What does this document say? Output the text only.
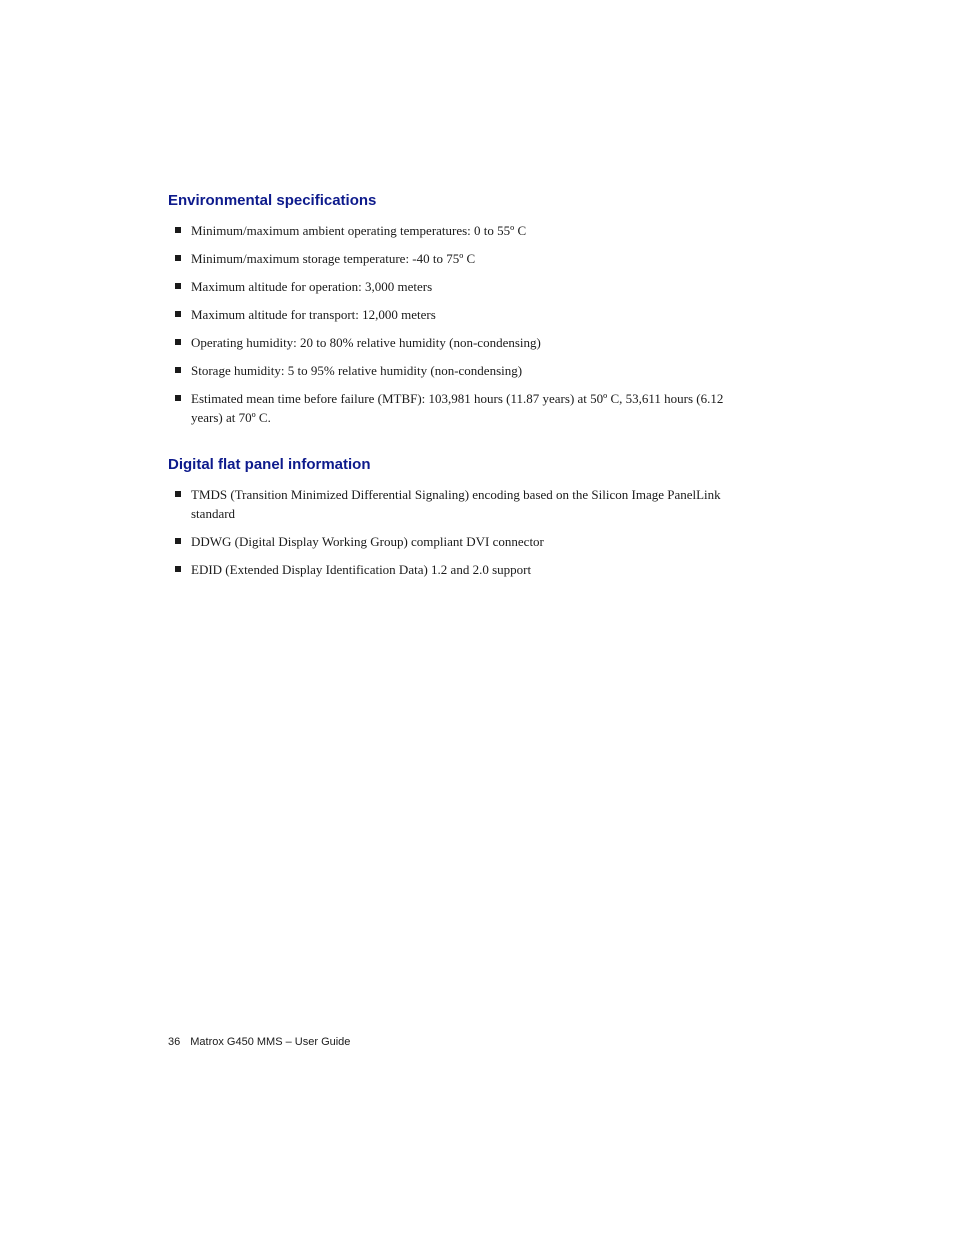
Environmental specifications
Minimum/maximum ambient operating temperatures: 0 to 55º C
Minimum/maximum storage temperature: -40 to 75º C
Maximum altitude for operation: 3,000 meters
Maximum altitude for transport: 12,000 meters
Operating humidity: 20 to 80% relative humidity (non-condensing)
Storage humidity: 5 to 95% relative humidity (non-condensing)
Estimated mean time before failure (MTBF): 103,981 hours (11.87 years) at 50º C, 53,611 hours (6.12 years) at 70º C.
Digital flat panel information
TMDS (Transition Minimized Differential Signaling) encoding based on the Silicon Image PanelLink standard
DDWG (Digital Display Working Group) compliant DVI connector
EDID (Extended Display Identification Data) 1.2 and 2.0 support
36 Matrox G450 MMS – User Guide
